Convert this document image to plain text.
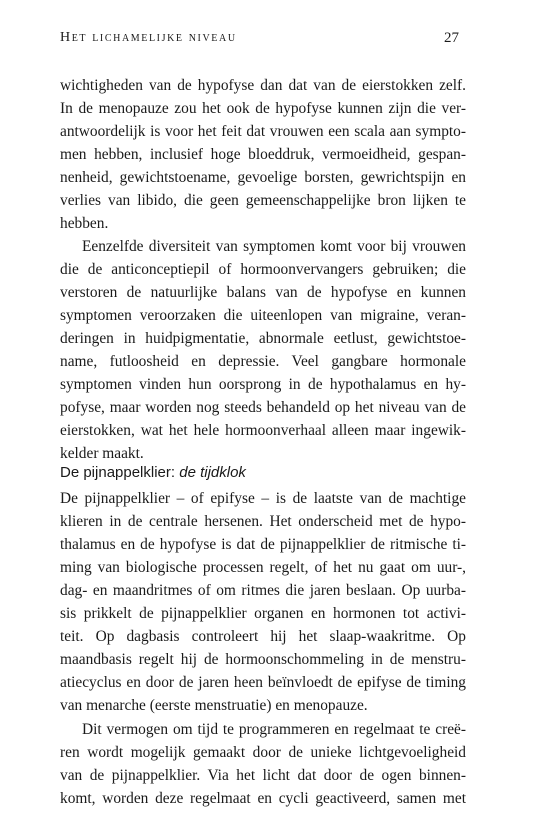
Het lichamelijke niveau	27
wichtigheden van de hypofyse dan dat van de eierstokken zelf.
In de menopauze zou het ook de hypofyse kunnen zijn die ver-
antwoordelijk is voor het feit dat vrouwen een scala aan sympto-
men hebben, inclusief hoge bloeddruk, vermoeidheid, gespan-
nenheid, gewichtstoename, gevoelige borsten, gewrichtspijn en
verlies van libido, die geen gemeenschappelijke bron lijken te
hebben.
Eenzelfde diversiteit van symptomen komt voor bij vrouwen
die de anticonceptiepil of hormoonvervangers gebruiken; die
verstoren de natuurlijke balans van de hypofyse en kunnen
symptomen veroorzaken die uiteenlopen van migraine, veran-
deringen in huidpigmentatie, abnormale eetlust, gewichtstoe-
name, futloosheid en depressie. Veel gangbare hormonale
symptomen vinden hun oorsprong in de hypothalamus en hy-
pofyse, maar worden nog steeds behandeld op het niveau van de
eierstokken, wat het hele hormoonverhaal alleen maar ingewik-
kelder maakt.
De pijnappelklier: de tijdklok
De pijnappelklier – of epifyse – is de laatste van de machtige
klieren in de centrale hersenen. Het onderscheid met de hypo-
thalamus en de hypofyse is dat de pijnappelklier de ritmische ti-
ming van biologische processen regelt, of het nu gaat om uur-,
dag- en maandritmes of om ritmes die jaren beslaan. Op uurba-
sis prikkelt de pijnappelklier organen en hormonen tot activi-
teit. Op dagbasis controleert hij het slaap-waakritme. Op
maandbasis regelt hij de hormoonschommeling in de menstru-
atiecyclus en door de jaren heen beïnvloedt de epifyse de timing
van menarche (eerste menstruatie) en menopauze.
Dit vermogen om tijd te programmeren en regelmaat te creë-
ren wordt mogelijk gemaakt door de unieke lichtgevoeligheid
van de pijnappelklier. Via het licht dat door de ogen binnen-
komt, worden deze regelmaat en cycli geactiveerd, samen met
